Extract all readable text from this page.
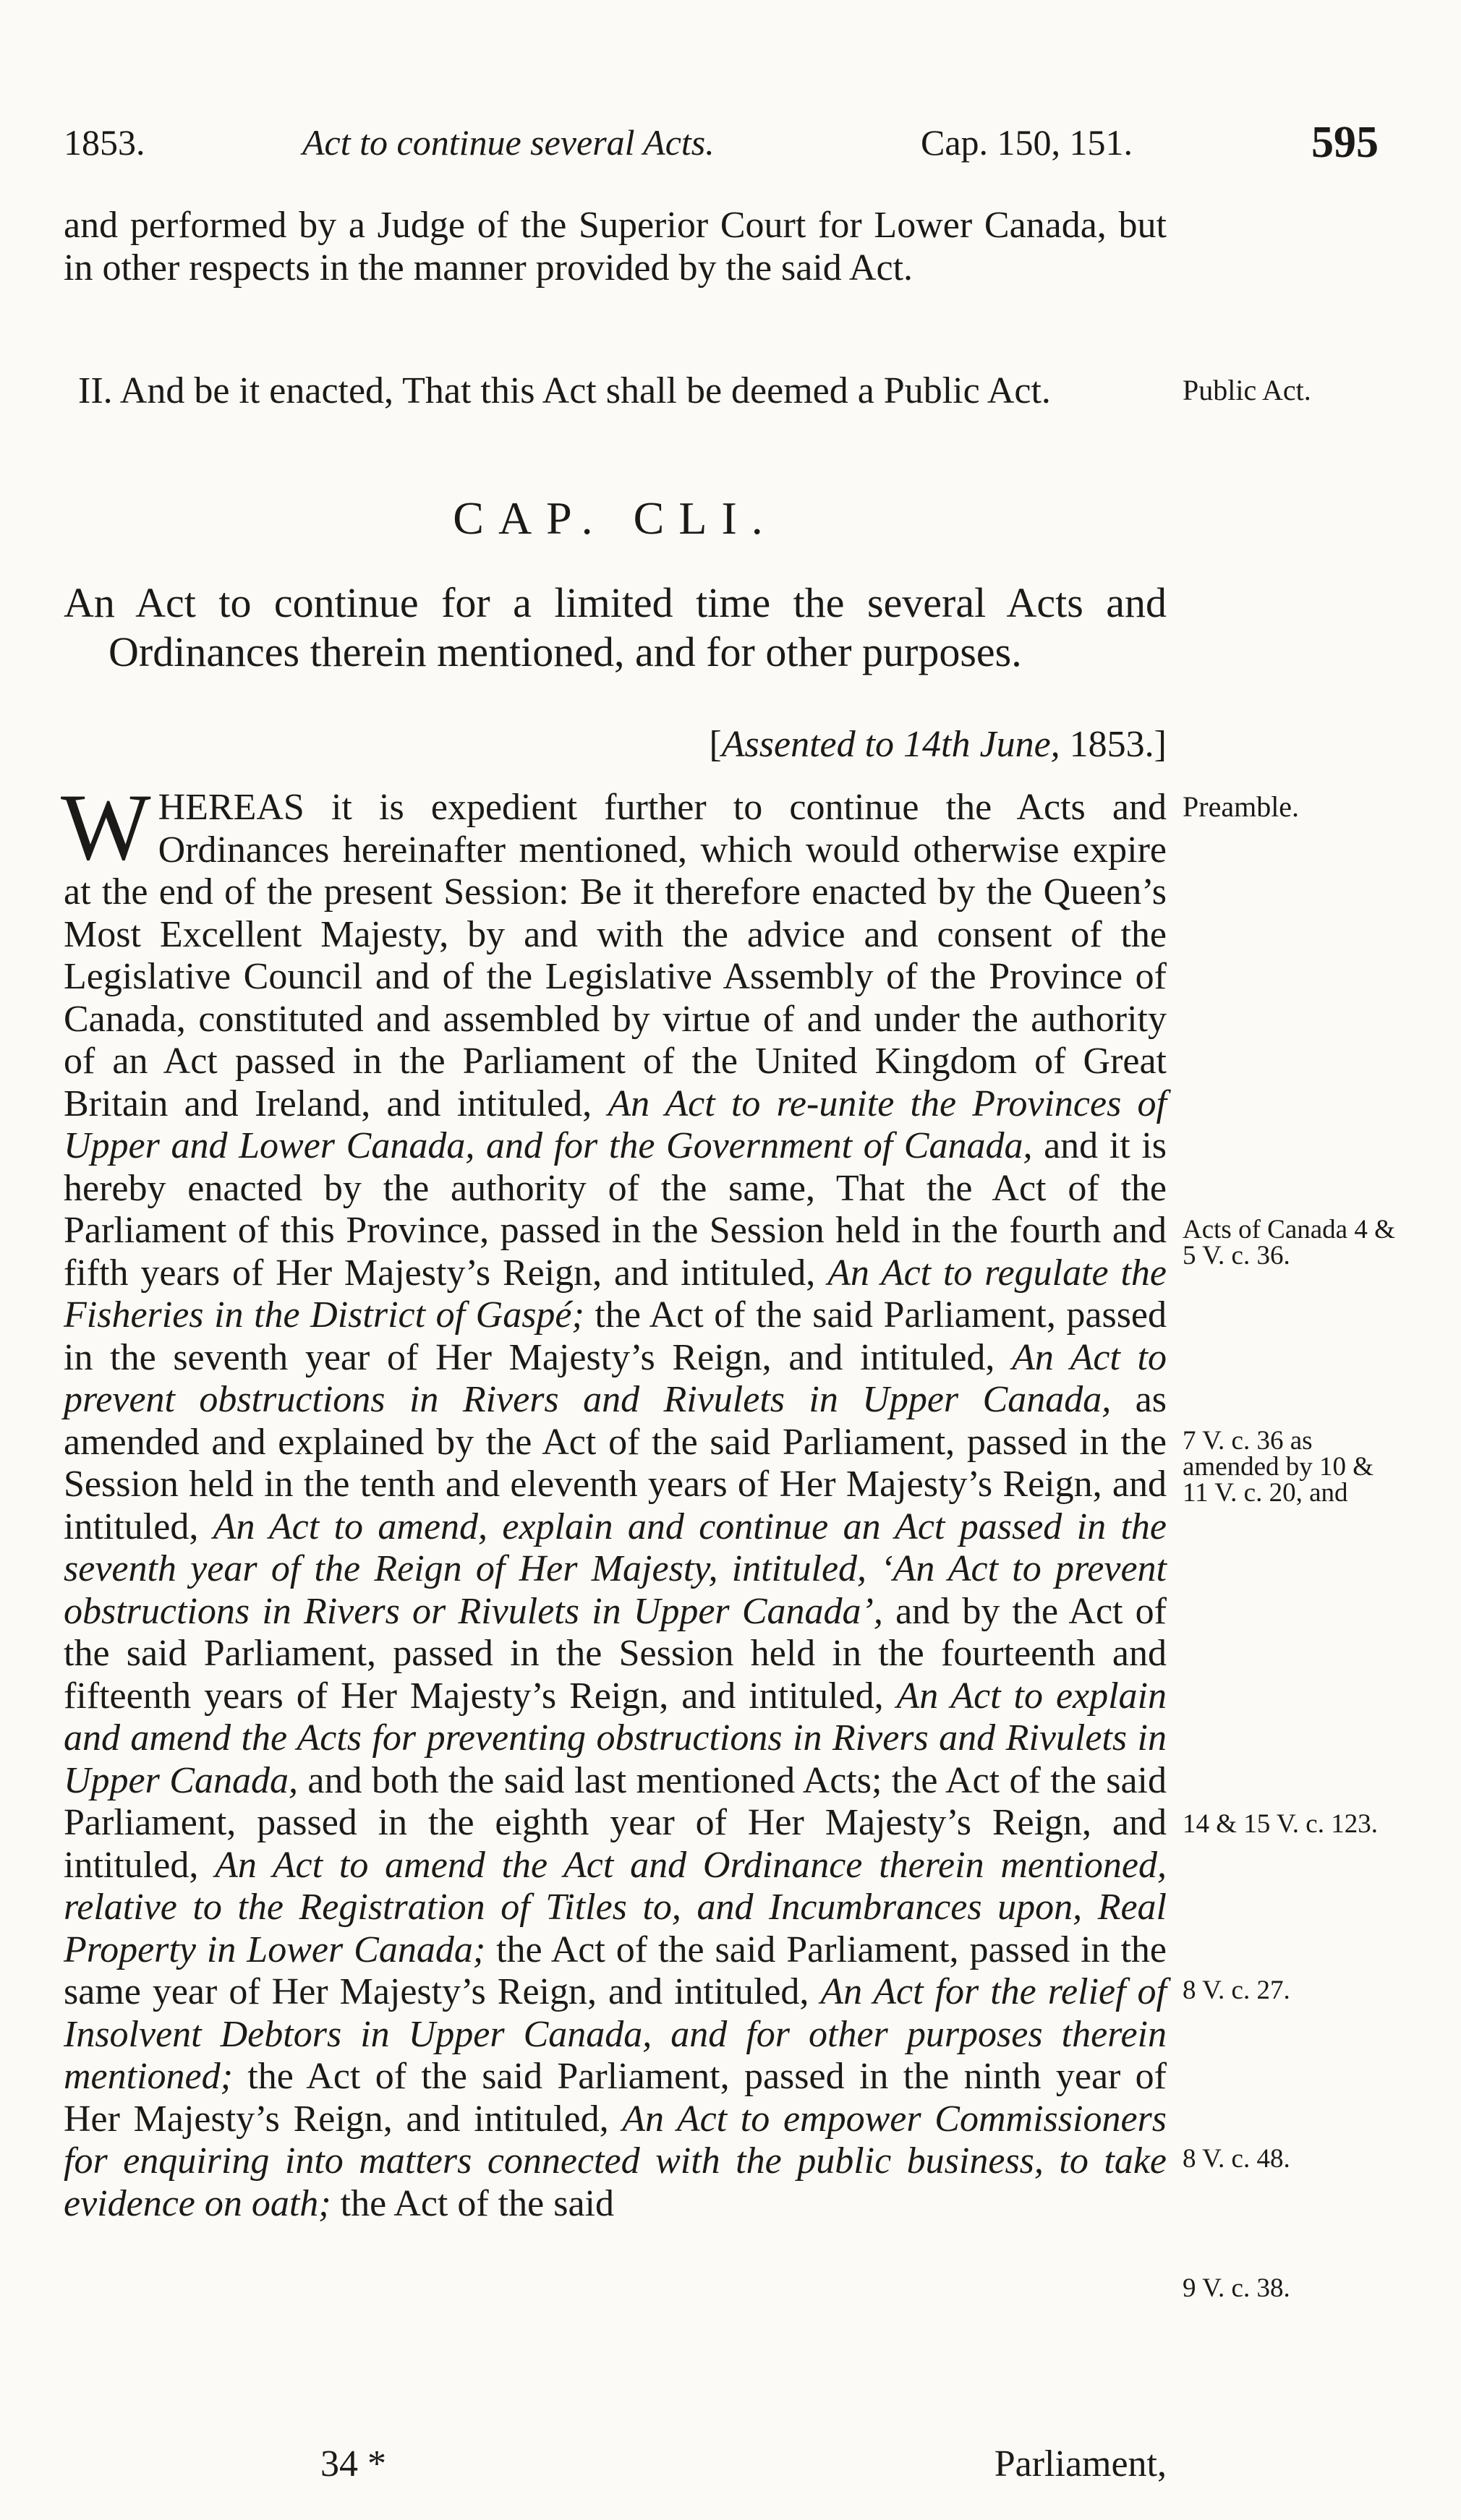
1853.	Act to continue several Acts.	Cap. 150, 151.	595

and performed by a Judge of the Superior Court for Lower Canada, but in other respects in the manner provided by the said Act.

II. And be it enacted, That this Act shall be deemed a Public Act.

CAP. CLI.
An Act to continue for a limited time the several Acts and Ordinances therein mentioned, and for other purposes.
[Assented to 14th June, 1853.]

W HEREAS it is expedient further to continue the Acts and Ordinances hereinafter mentioned, which would otherwise expire at the end of the present Session: Be it therefore enacted by the Queen’s Most Excellent Majesty, by and with the advice and consent of the Legislative Council and of the Legislative Assembly of the Province of Canada, constituted and assembled by virtue of and under the authority of an Act passed in the Parliament of the United Kingdom of Great Britain and Ireland, and intituled, An Act to re-unite the Provinces of Upper and Lower Canada, and for the Government of Canada, and it is hereby enacted by the authority of the same, That the Act of the Parliament of this Province, passed in the Session held in the fourth and fifth years of Her Majesty’s Reign, and intituled, An Act to regulate the Fisheries in the District of Gaspé; the Act of the said Parliament, passed in the seventh year of Her Majesty’s Reign, and intituled, An Act to prevent obstructions in Rivers and Rivulets in Upper Canada, as amended and explained by the Act of the said Parliament, passed in the Session held in the tenth and eleventh years of Her Majesty’s Reign, and intituled, An Act to amend, explain and continue an Act passed in the seventh year of the Reign of Her Majesty, intituled, ‘An Act to prevent obstructions in Rivers or Rivulets in Upper Canada’, and by the Act of the said Parliament, passed in the Session held in the fourteenth and fifteenth years of Her Majesty’s Reign, and intituled, An Act to explain and amend the Acts for preventing obstructions in Rivers and Rivulets in Upper Canada, and both the said last mentioned Acts; the Act of the said Parliament, passed in the eighth year of Her Majesty’s Reign, and intituled, An Act to amend the Act and Ordinance therein mentioned, relative to the Registration of Titles to, and Incumbrances upon, Real Property in Lower Canada; the Act of the said Parliament, passed in the same year of Her Majesty’s Reign, and intituled, An Act for the relief of Insolvent Debtors in Upper Canada, and for other purposes therein mentioned; the Act of the said Parliament, passed in the ninth year of Her Majesty’s Reign, and intituled, An Act to empower Commissioners for enquiring into matters connected with the public business, to take evidence on oath; the Act of the said

34 *	Parliament,
Public Act.
Preamble.
Acts of Canada 4 & 5 V. c. 36.
7 V. c. 36 as amended by 10 & 11 V. c. 20, and
14 & 15 V. c. 123.
8 V. c. 27.
8 V. c. 48.
9 V. c. 38.
